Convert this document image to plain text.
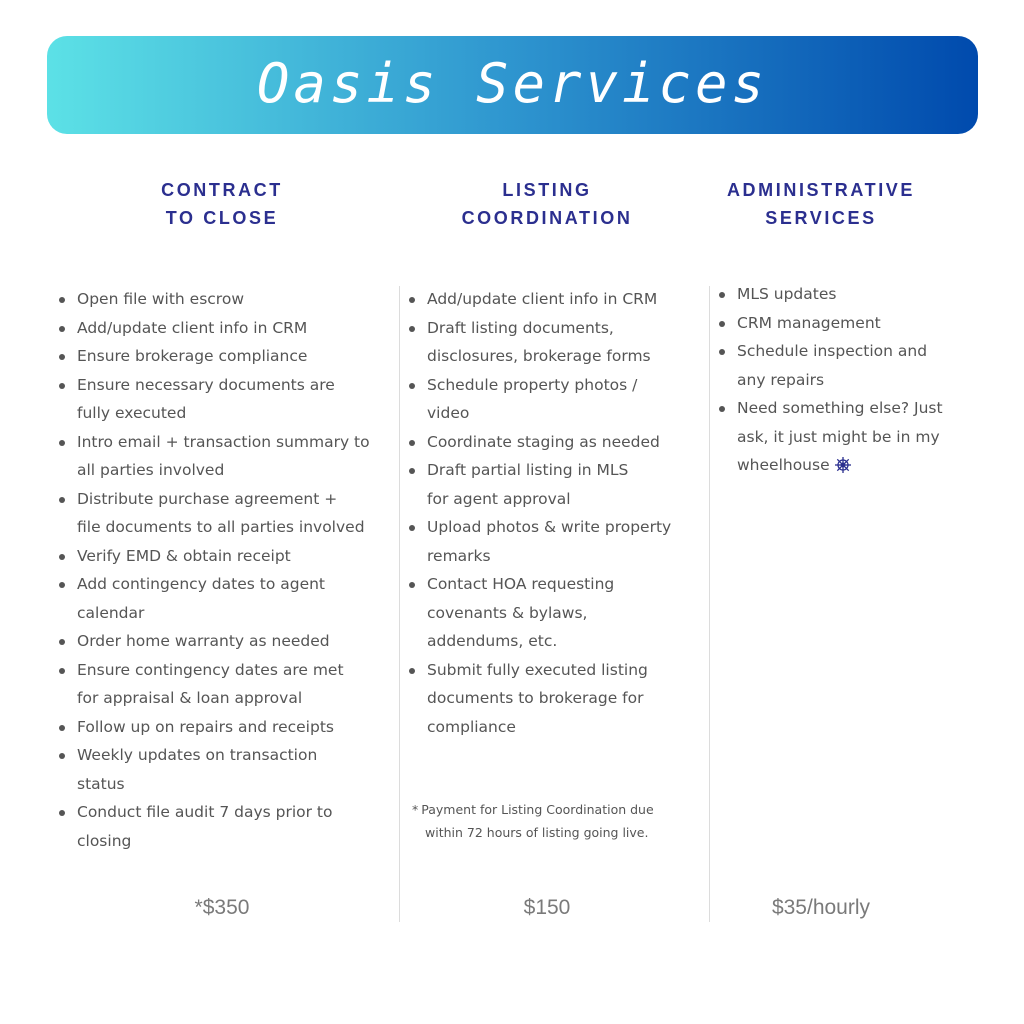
Oasis Services
CONTRACT
TO CLOSE
LISTING
COORDINATION
ADMINISTRATIVE
SERVICES
Open file with escrow
Add/update client info in CRM
Ensure brokerage compliance
Ensure necessary documents are
fully executed
Intro email + transaction summary to
all parties involved
Distribute purchase agreement +
file documents to all parties involved
Verify EMD & obtain receipt
Add contingency dates to agent
calendar
Order home warranty as needed
Ensure contingency dates are met
for appraisal & loan approval
Follow up on repairs and receipts
Weekly updates on transaction
status
Conduct file audit 7 days prior to
closing
Add/update client info in CRM
Draft listing documents,
disclosures, brokerage forms
Schedule property photos /
video
Coordinate staging as needed
Draft partial listing in MLS
for agent approval
Upload photos & write property
remarks
Contact HOA requesting
covenants & bylaws,
addendums, etc.
Submit fully executed listing
documents to brokerage for
compliance
* Payment for Listing Coordination due
within 72 hours of listing going live.
MLS updates
CRM management
Schedule inspection and
any repairs
Need something else? Just
ask, it just might be in my
wheelhouse
*$350	$150	$35/hourly
